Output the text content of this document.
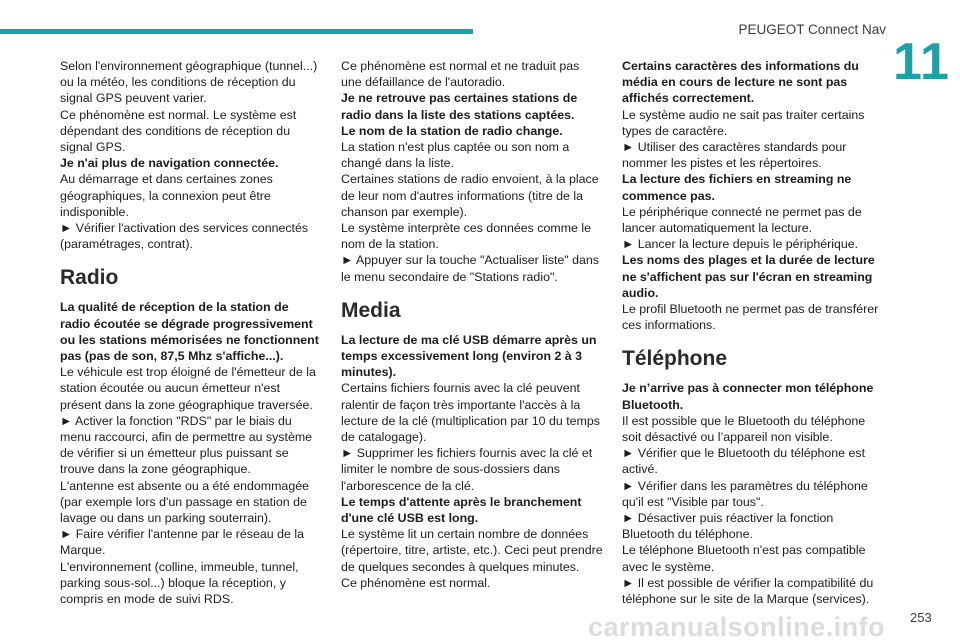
PEUGEOT Connect Nav
11

Selon l'environnement géographique (tunnel...) ou la météo, les conditions de réception du signal GPS peuvent varier.

Ce phénomène est normal. Le système est dépendant des conditions de réception du signal GPS.

Je n'ai plus de navigation connectée.

Au démarrage et dans certaines zones géographiques, la connexion peut être indisponible.

► Vérifier l'activation des services connectés (paramétrages, contrat).

Radio

La qualité de réception de la station de radio écoutée se dégrade progressivement ou les stations mémorisées ne fonctionnent pas (pas de son, 87,5 Mhz s'affiche...).

Le véhicule est trop éloigné de l'émetteur de la station écoutée ou aucun émetteur n'est présent dans la zone géographique traversée.

► Activer la fonction "RDS" par le biais du menu raccourci, afin de permettre au système de vérifier si un émetteur plus puissant se trouve dans la zone géographique.

L'antenne est absente ou a été endommagée (par exemple lors d'un passage en station de lavage ou dans un parking souterrain).

► Faire vérifier l'antenne par le réseau de la Marque.

L'environnement (colline, immeuble, tunnel, parking sous-sol...) bloque la réception, y compris en mode de suivi RDS.

Ce phénomène est normal et ne traduit pas une défaillance de l'autoradio.

Je ne retrouve pas certaines stations de radio dans la liste des stations captées.

Le nom de la station de radio change.

La station n'est plus captée ou son nom a changé dans la liste.

Certaines stations de radio envoient, à la place de leur nom d'autres informations (titre de la chanson par exemple).

Le système interprète ces données comme le nom de la station.

► Appuyer sur la touche "Actualiser liste" dans le menu secondaire de "Stations radio".

Media

La lecture de ma clé USB démarre après un temps excessivement long (environ 2 à 3 minutes).

Certains fichiers fournis avec la clé peuvent ralentir de façon très importante l'accès à la lecture de la clé (multiplication par 10 du temps de catalogage).

► Supprimer les fichiers fournis avec la clé et limiter le nombre de sous-dossiers dans l'arborescence de la clé.

Le temps d'attente après le branchement d'une clé USB est long.

Le système lit un certain nombre de données (répertoire, titre, artiste, etc.). Ceci peut prendre de quelques secondes à quelques minutes.

Ce phénomène est normal.

Certains caractères des informations du média en cours de lecture ne sont pas affichés correctement.

Le système audio ne sait pas traiter certains types de caractère.

► Utiliser des caractères standards pour nommer les pistes et les répertoires.

La lecture des fichiers en streaming ne commence pas.

Le périphérique connecté ne permet pas de lancer automatiquement la lecture.

► Lancer la lecture depuis le périphérique.

Les noms des plages et la durée de lecture ne s'affichent pas sur l'écran en streaming audio.

Le profil Bluetooth ne permet pas de transférer ces informations.

Téléphone

Je n’arrive pas à connecter mon téléphone Bluetooth.

Il est possible que le Bluetooth du téléphone soit désactivé ou l’appareil non visible.

► Vérifier que le Bluetooth du téléphone est activé.

► Vérifier dans les paramètres du téléphone qu'il est "Visible par tous".

► Désactiver puis réactiver la fonction Bluetooth du téléphone.

Le téléphone Bluetooth n'est pas compatible avec le système.

► Il est possible de vérifier la compatibilité du téléphone sur le site de la Marque (services).

carmanualsonline.info 253
